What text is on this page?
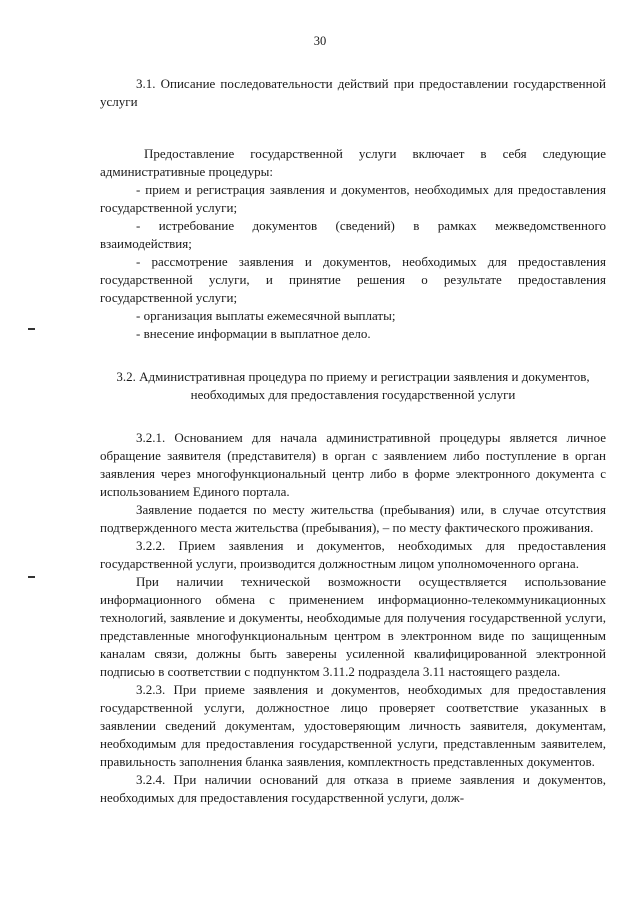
30

3.1. Описание последовательности действий при предоставлении государственной услуги

Предоставление государственной услуги включает в себя следующие административные процедуры:

- прием и регистрация заявления и документов, необходимых для предоставления государственной услуги;

- истребование документов (сведений) в рамках межведомственного взаимодействия;

- рассмотрение заявления и документов, необходимых для предоставления государственной услуги, и принятие решения о результате предоставления государственной услуги;

- организация выплаты ежемесячной выплаты;

- внесение информации в выплатное дело.

3.2. Административная процедура по приему и регистрации заявления и документов, необходимых для предоставления государственной услуги

3.2.1. Основанием для начала административной процедуры является личное обращение заявителя (представителя) в орган с заявлением либо поступление в орган заявления через многофункциональный центр либо в форме электронного документа с использованием Единого портала.

Заявление подается по месту жительства (пребывания) или, в случае отсутствия подтвержденного места жительства (пребывания), – по месту фактического проживания.

3.2.2. Прием заявления и документов, необходимых для предоставления государственной услуги, производится должностным лицом уполномоченного органа.

При наличии технической возможности осуществляется использование информационного обмена с применением информационно-телекоммуникационных технологий, заявление и документы, необходимые для получения государственной услуги, представленные многофункциональным центром в электронном виде по защищенным каналам связи, должны быть заверены усиленной квалифицированной электронной подписью в соответствии с подпунктом 3.11.2 подраздела 3.11 настоящего раздела.

3.2.3. При приеме заявления и документов, необходимых для предоставления государственной услуги, должностное лицо проверяет соответствие указанных в заявлении сведений документам, удостоверяющим личность заявителя, документам, необходимым для предоставления государственной услуги, представленным заявителем, правильность заполнения бланка заявления, комплектность представленных документов.

3.2.4. При наличии оснований для отказа в приеме заявления и документов, необходимых для предоставления государственной услуги, долж-
